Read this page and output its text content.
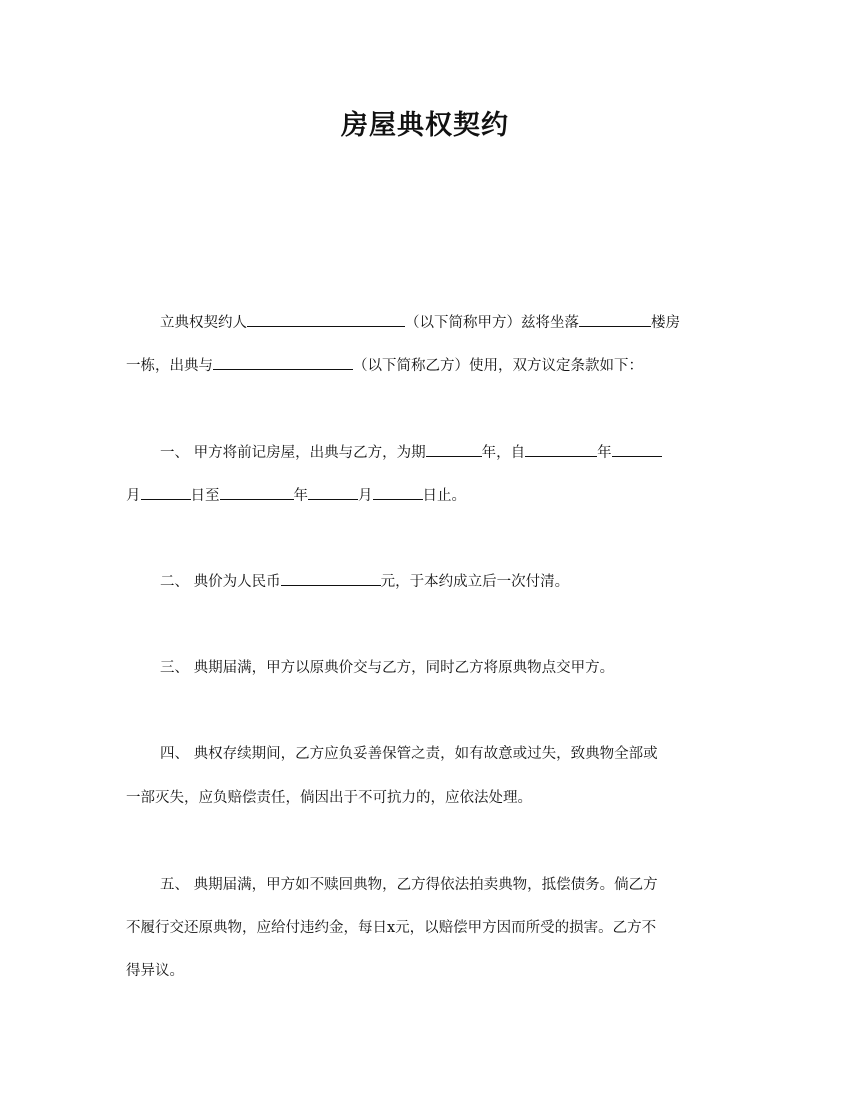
房屋典权契约
立典权契约人	（以下简称甲方）兹将坐落	楼房
一栋，出典与	（以下简称乙方）使用，双方议定条款如下：
一、 甲方将前记房屋，出典与乙方，为期	年，自	年
月	日至	年	月	日止。
二、 典价为人民币	元，于本约成立后一次付清。
三、 典期届满，甲方以原典价交与乙方，同时乙方将原典物点交甲方。
四、 典权存续期间，乙方应负妥善保管之责，如有故意或过失，致典物全部或
一部灭失，应负赔偿责任，倘因出于不可抗力的，应依法处理。
五、 典期届满，甲方如不赎回典物，乙方得依法拍卖典物，抵偿债务。倘乙方
不履行交还原典物，应给付违约金，每日x元，以赔偿甲方因而所受的损害。乙方不
得异议。
